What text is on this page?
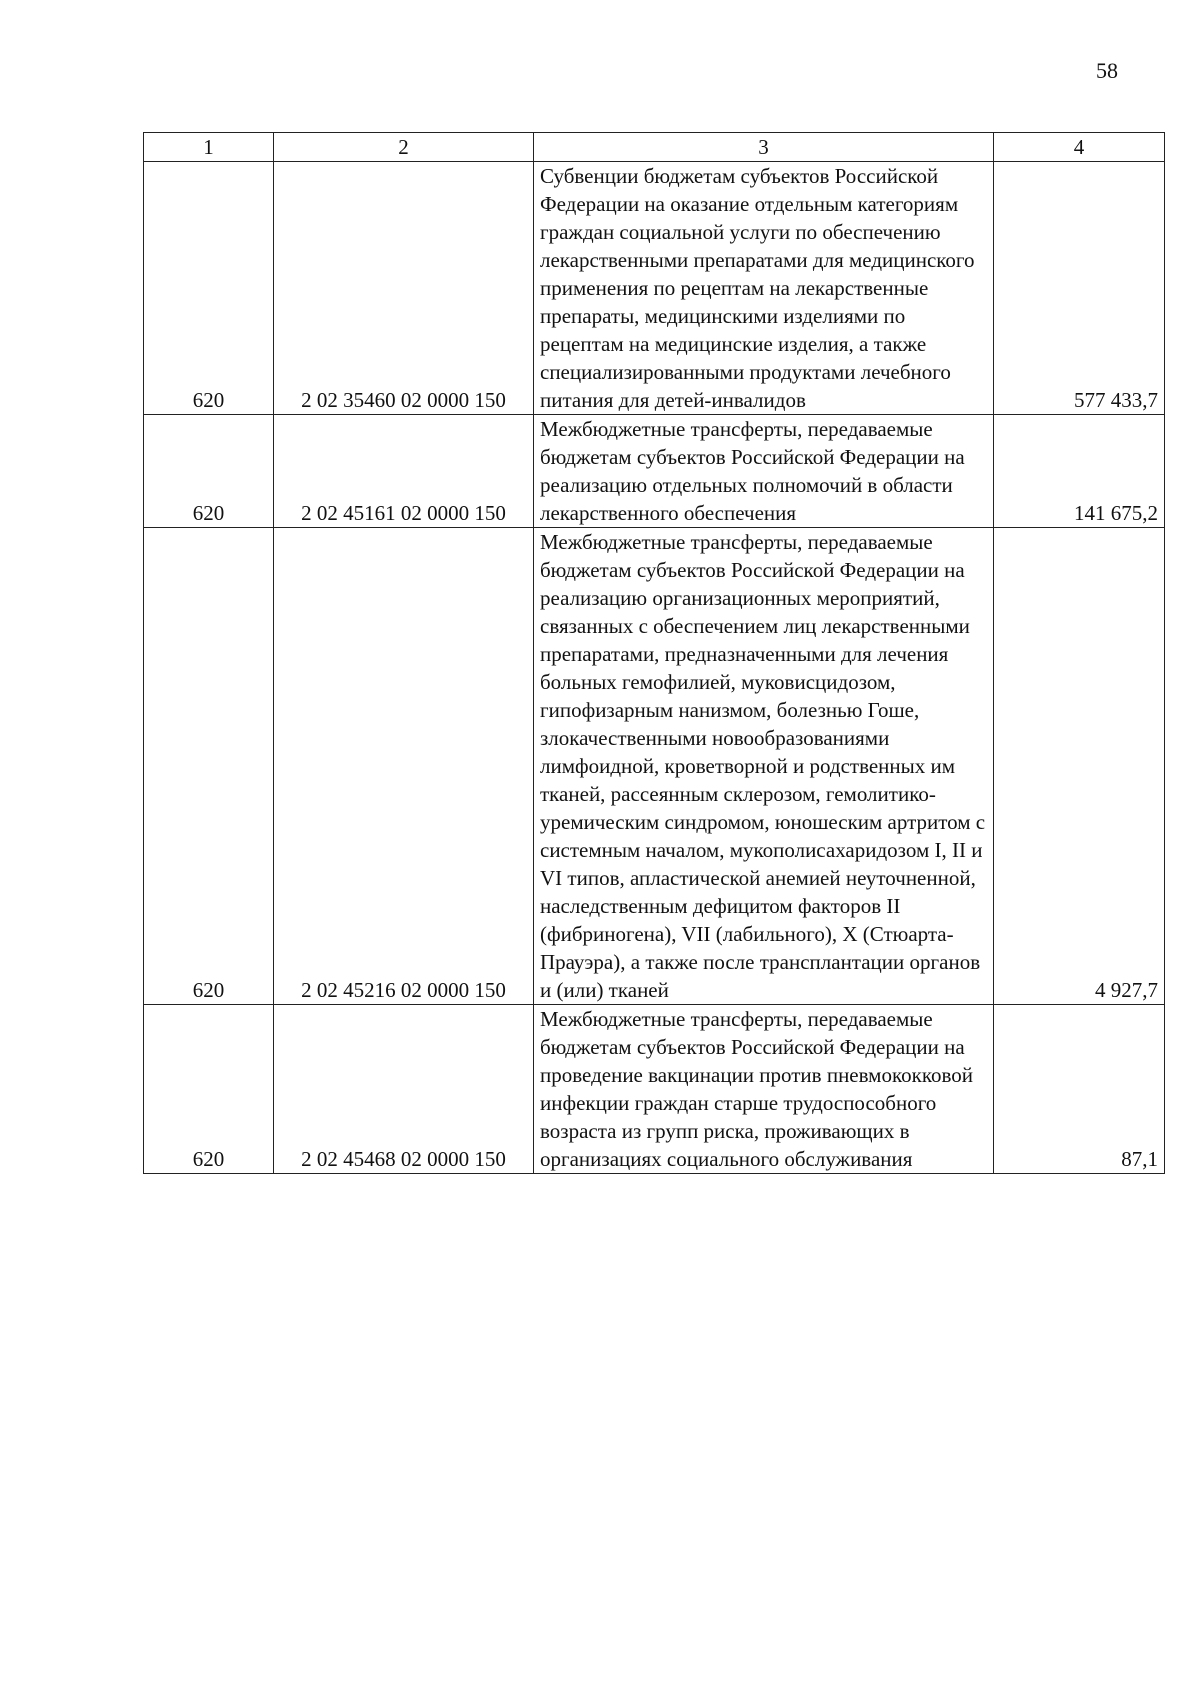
58
1	2	3	4
620	2 02 35460 02 0000 150	Субвенции бюджетам субъектов Российской Федерации на оказание отдельным категориям граждан социальной услуги по обеспечению лекарственными препаратами для медицинского применения по рецептам на лекарственные препараты, медицинскими изделиями по рецептам на медицинские изделия, а также специализированными продуктами лечебного питания для детей-инвалидов	577 433,7
620	2 02 45161 02 0000 150	Межбюджетные трансферты, передаваемые бюджетам субъектов Российской Федерации на реализацию отдельных полномочий в области лекарственного обеспечения	141 675,2
620	2 02 45216 02 0000 150	Межбюджетные трансферты, передаваемые бюджетам субъектов Российской Федерации на реализацию организационных мероприятий, связанных с обеспечением лиц лекарственными препаратами, предназначенными для лечения больных гемофилией, муковисцидозом, гипофизарным нанизмом, болезнью Гоше, злокачественными новообразованиями лимфоидной, кроветворной и родственных им тканей, рассеянным склерозом, гемолитико-уремическим синдромом, юношеским артритом с системным началом, мукополисахаридозом I, II и VI типов, апластической анемией неуточненной, наследственным дефицитом факторов II (фибриногена), VII (лабильного), X (Стюарта-Прауэра), а также после трансплантации органов и (или) тканей	4 927,7
620	2 02 45468 02 0000 150	Межбюджетные трансферты, передаваемые бюджетам субъектов Российской Федерации на проведение вакцинации против пневмококковой инфекции граждан старше трудоспособного возраста из групп риска, проживающих в организациях социального обслуживания	87,1
